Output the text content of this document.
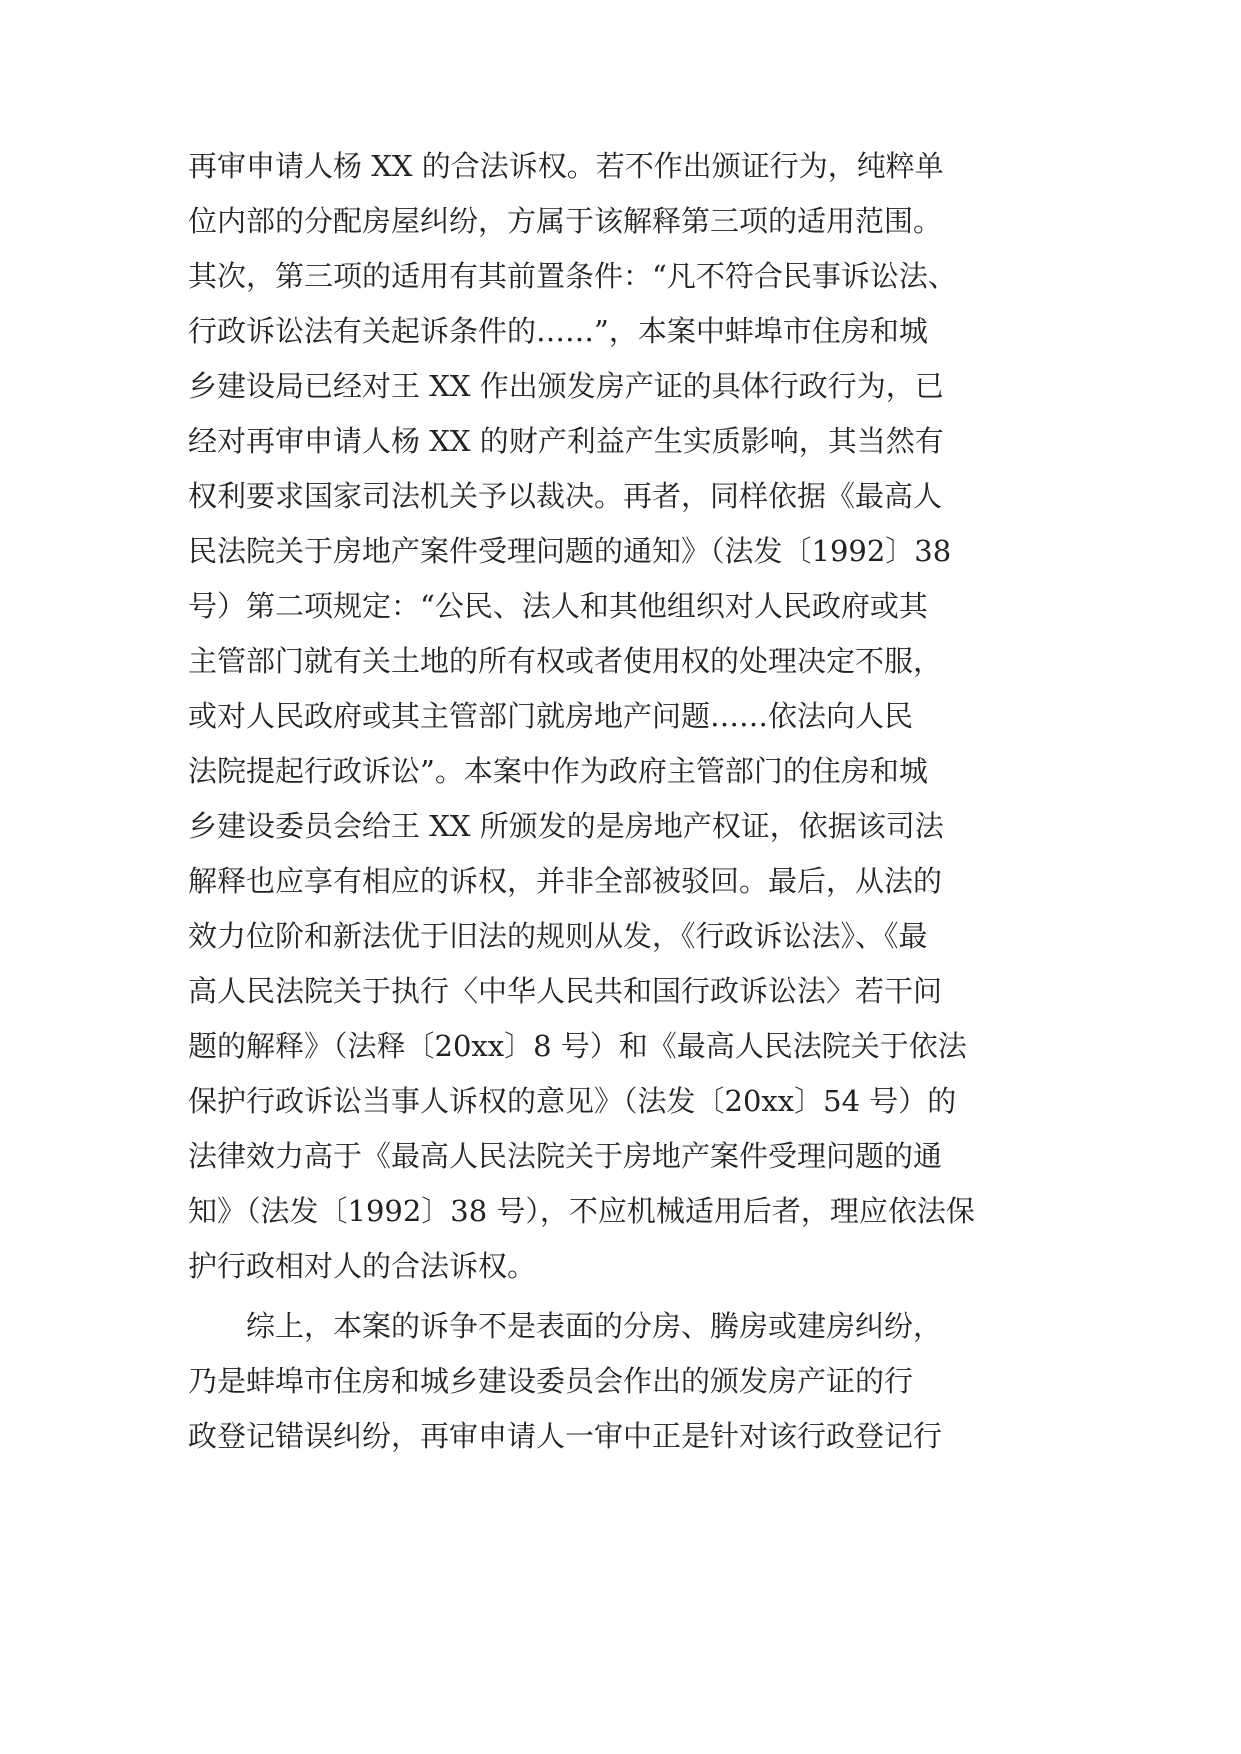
再审申请人杨 XX 的合法诉权。若不作出颁证行为，纯粹单
位内部的分配房屋纠纷，方属于该解释第三项的适用范围。
其次，第三项的适用有其前置条件：“凡不符合民事诉讼法、
行政诉讼法有关起诉条件的……”，本案中蚌埠市住房和城
乡建设局已经对王 XX 作出颁发房产证的具体行政行为，已
经对再审申请人杨 XX 的财产利益产生实质影响，其当然有
权利要求国家司法机关予以裁决。再者，同样依据《最高人
民法院关于房地产案件受理问题的通知》（法发〔1992〕38
号）第二项规定：“公民、法人和其他组织对人民政府或其
主管部门就有关土地的所有权或者使用权的处理决定不服，
或对人民政府或其主管部门就房地产问题……依法向人民
法院提起行政诉讼”。本案中作为政府主管部门的住房和城
乡建设委员会给王 XX 所颁发的是房地产权证，依据该司法
解释也应享有相应的诉权，并非全部被驳回。最后，从法的
效力位阶和新法优于旧法的规则从发，《行政诉讼法》、《最
高人民法院关于执行〈中华人民共和国行政诉讼法〉若干问
题的解释》（法释〔20xx〕8 号）和《最高人民法院关于依法
保护行政诉讼当事人诉权的意见》（法发〔20xx〕54 号）的
法律效力高于《最高人民法院关于房地产案件受理问题的通
知》（法发〔1992〕38 号），不应机械适用后者，理应依法保
护行政相对人的合法诉权。
综上，本案的诉争不是表面的分房、腾房或建房纠纷，
乃是蚌埠市住房和城乡建设委员会作出的颁发房产证的行
政登记错误纠纷，再审申请人一审中正是针对该行政登记行
